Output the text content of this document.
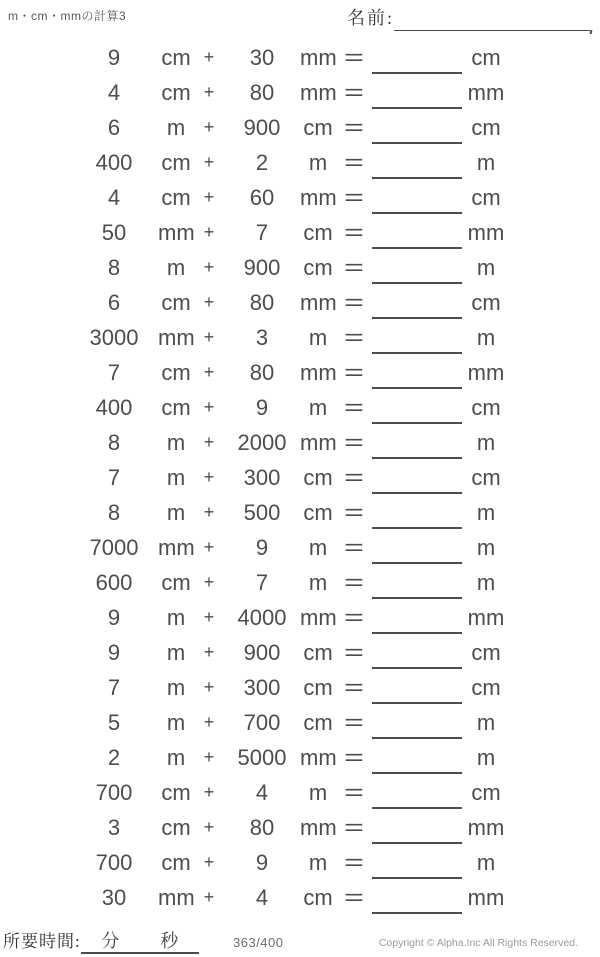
m・cm・mmの計算3	名前:
9	cm +	30	mm =	cm
4	cm +	80	mm =	mm
6	m	+	900	cm =	cm
400	cm +	2	m =	m
4	cm +	60	mm =	cm
50	mm +	7	cm =	mm
8	m	+	900	cm =	m
6	cm +	80	mm =	cm
3000 mm +	3	m =	m
7	cm +	80	mm =	mm
400	cm +	9	m =	cm
8	m	+	2000 mm =	m
7	m	+	300	cm =	cm
8	m	+	500	cm =	m
7000 mm +	9	m =	m
600	cm +	7	m =	m
9	m	+	4000 mm =	mm
9	m	+	900	cm =	cm
7	m	+	300	cm =	cm
5	m	+	700	cm =	m
2	m	+	5000 mm =	m
700	cm +	4	m =	cm
3	cm +	80	mm =	mm
700	cm +	9	m =	m
30	mm +	4	cm =	mm
所要時間: 分 秒	363/400	Copyright © Alpha.Inc All Rights Reserved.
